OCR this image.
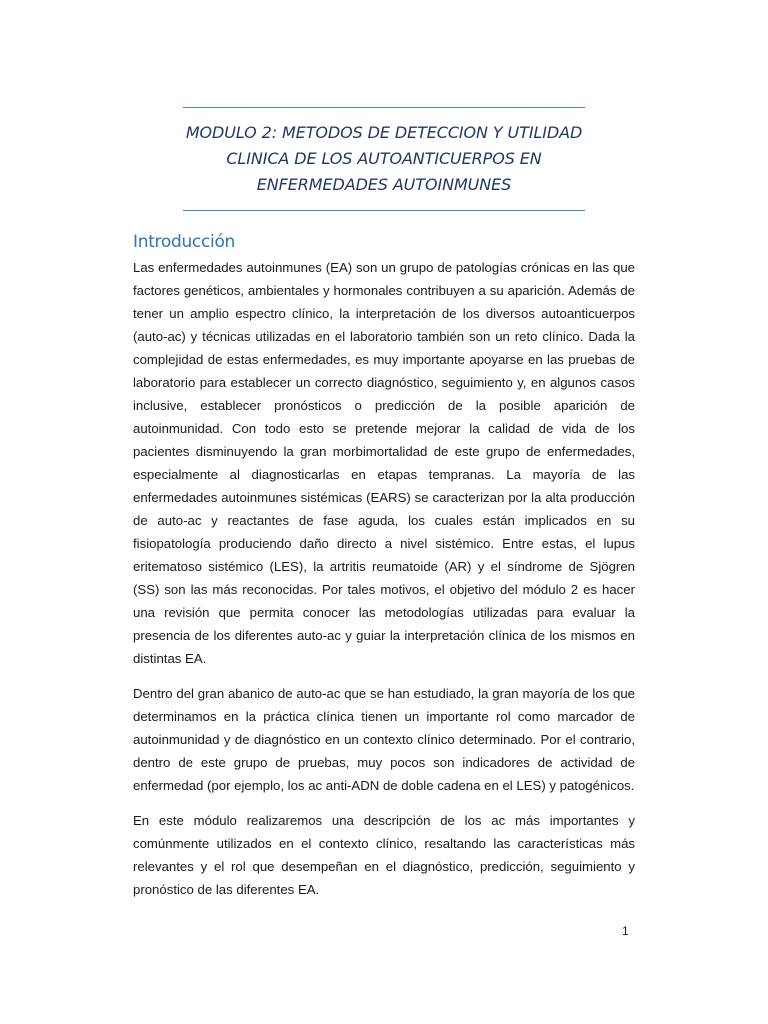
MODULO 2: METODOS DE DETECCION Y UTILIDAD
CLINICA DE LOS AUTOANTICUERPOS EN
ENFERMEDADES AUTOINMUNES
Introducción

Las enfermedades autoinmunes (EA) son un grupo de patologías crónicas en las que factores genéticos, ambientales y hormonales contribuyen a su aparición. Además de tener un amplio espectro clínico, la interpretación de los diversos autoanticuerpos (auto-ac) y técnicas utilizadas en el laboratorio también son un reto clínico. Dada la complejidad de estas enfermedades, es muy importante apoyarse en las pruebas de laboratorio para establecer un correcto diagnóstico, seguimiento y, en algunos casos inclusive, establecer pronósticos o predicción de la posible aparición de autoinmunidad. Con todo esto se pretende mejorar la calidad de vida de los pacientes disminuyendo la gran morbimortalidad de este grupo de enfermedades, especialmente al diagnosticarlas en etapas tempranas. La mayoría de las enfermedades autoinmunes sistémicas (EARS) se caracterizan por la alta producción de auto-ac y reactantes de fase aguda, los cuales están implicados en su fisiopatología produciendo daño directo a nivel sistémico. Entre estas, el lupus eritematoso sistémico (LES), la artritis reumatoide (AR) y el síndrome de Sjögren (SS) son las más reconocidas. Por tales motivos, el objetivo del módulo 2 es hacer una revisión que permita conocer las metodologías utilizadas para evaluar la presencia de los diferentes auto-ac y guiar la interpretación clínica de los mismos en distintas EA.

Dentro del gran abanico de auto-ac que se han estudiado, la gran mayoría de los que determinamos en la práctica clínica tienen un importante rol como marcador de autoinmunidad y de diagnóstico en un contexto clínico determinado. Por el contrario, dentro de este grupo de pruebas, muy pocos son indicadores de actividad de enfermedad (por ejemplo, los ac anti-ADN de doble cadena en el LES) y patogénicos.

En este módulo realizaremos una descripción de los ac más importantes y comúnmente utilizados en el contexto clínico, resaltando las características más relevantes y el rol que desempeñan en el diagnóstico, predicción, seguimiento y pronóstico de las diferentes EA.

1
